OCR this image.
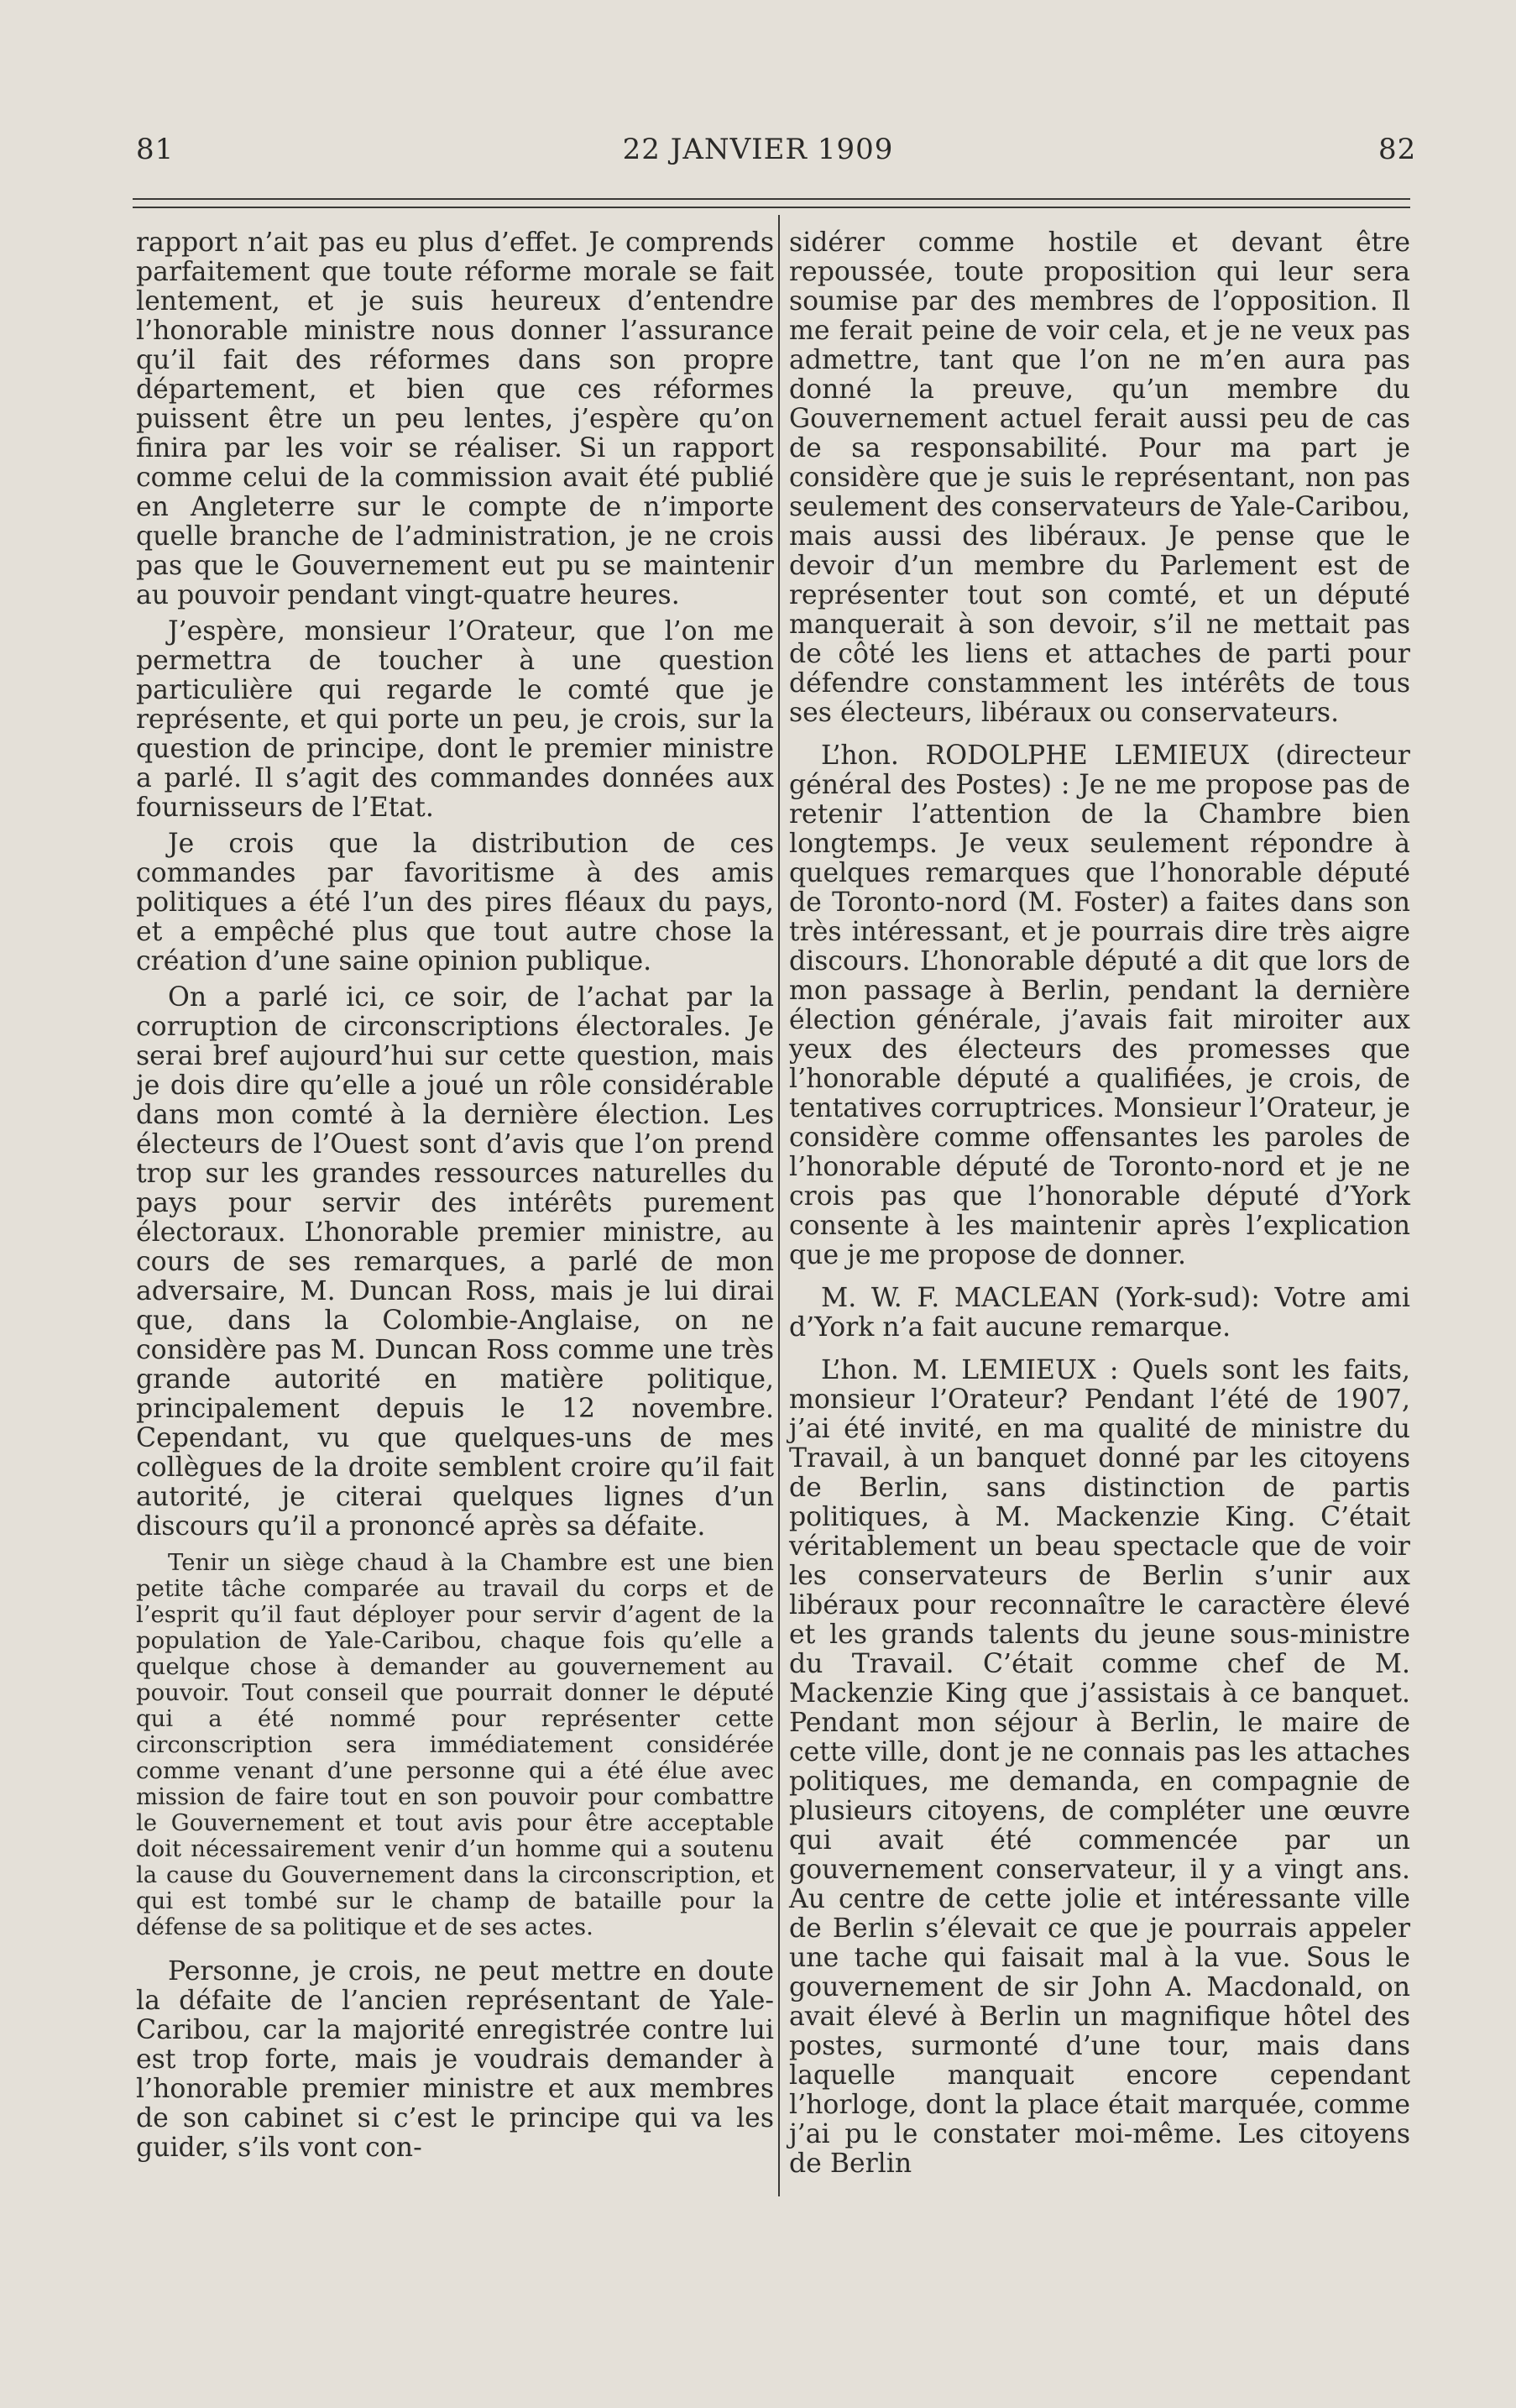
81	22 JANVIER 1909	82

rapport n’ait pas eu plus d’effet. Je comprends parfaitement que toute réforme morale se fait lentement, et je suis heureux d’entendre l’honorable ministre nous donner l’assurance qu’il fait des réformes dans son propre département, et bien que ces réformes puissent être un peu lentes, j’espère qu’on finira par les voir se réaliser. Si un rapport comme celui de la commission avait été publié en Angleterre sur le compte de n’importe quelle branche de l’administration, je ne crois pas que le Gouvernement eut pu se maintenir au pouvoir pendant vingt-quatre heures.

J’espère, monsieur l’Orateur, que l’on me permettra de toucher à une question particulière qui regarde le comté que je représente, et qui porte un peu, je crois, sur la question de principe, dont le premier ministre a parlé. Il s’agit des commandes données aux fournisseurs de l’Etat.

Je crois que la distribution de ces commandes par favoritisme à des amis politiques a été l’un des pires fléaux du pays, et a empêché plus que tout autre chose la création d’une saine opinion publique.

On a parlé ici, ce soir, de l’achat par la corruption de circonscriptions électorales. Je serai bref aujourd’hui sur cette question, mais je dois dire qu’elle a joué un rôle considérable dans mon comté à la dernière élection. Les électeurs de l’Ouest sont d’avis que l’on prend trop sur les grandes ressources naturelles du pays pour servir des intérêts purement électoraux. L’honorable premier ministre, au cours de ses remarques, a parlé de mon adversaire, M. Duncan Ross, mais je lui dirai que, dans la Colombie-Anglaise, on ne considère pas M. Duncan Ross comme une très grande autorité en matière politique, principalement depuis le 12 novembre. Cependant, vu que quelques-uns de mes collègues de la droite semblent croire qu’il fait autorité, je citerai quelques lignes d’un discours qu’il a prononcé après sa défaite.

Tenir un siège chaud à la Chambre est une bien petite tâche comparée au travail du corps et de l’esprit qu’il faut déployer pour servir d’agent de la population de Yale-Caribou, chaque fois qu’elle a quelque chose à demander au gouvernement au pouvoir. Tout conseil que pourrait donner le député qui a été nommé pour représenter cette circonscription sera immédiatement considérée comme venant d’une personne qui a été élue avec mission de faire tout en son pouvoir pour combattre le Gouvernement et tout avis pour être acceptable doit nécessairement venir d’un homme qui a soutenu la cause du Gouvernement dans la circonscription, et qui est tombé sur le champ de bataille pour la défense de sa politique et de ses actes.

Personne, je crois, ne peut mettre en doute la défaite de l’ancien représentant de Yale-Caribou, car la majorité enregistrée contre lui est trop forte, mais je voudrais demander à l’honorable premier ministre et aux membres de son cabinet si c’est le principe qui va les guider, s’ils vont con-

sidérer comme hostile et devant être repoussée, toute proposition qui leur sera soumise par des membres de l’opposition. Il me ferait peine de voir cela, et je ne veux pas admettre, tant que l’on ne m’en aura pas donné la preuve, qu’un membre du Gouvernement actuel ferait aussi peu de cas de sa responsabilité. Pour ma part je considère que je suis le représentant, non pas seulement des conservateurs de Yale-Caribou, mais aussi des libéraux. Je pense que le devoir d’un membre du Parlement est de représenter tout son comté, et un député manquerait à son devoir, s’il ne mettait pas de côté les liens et attaches de parti pour défendre constamment les intérêts de tous ses électeurs, libéraux ou conservateurs.

L’hon. RODOLPHE LEMIEUX (directeur général des Postes) : Je ne me propose pas de retenir l’attention de la Chambre bien longtemps. Je veux seulement répondre à quelques remarques que l’honorable député de Toronto-nord (M. Foster) a faites dans son très intéressant, et je pourrais dire très aigre discours. L’honorable député a dit que lors de mon passage à Berlin, pendant la dernière élection générale, j’avais fait miroiter aux yeux des électeurs des promesses que l’honorable député a qualifiées, je crois, de tentatives corruptrices. Monsieur l’Orateur, je considère comme offensantes les paroles de l’honorable député de Toronto-nord et je ne crois pas que l’honorable député d’York consente à les maintenir après l’explication que je me propose de donner.

M. W. F. MACLEAN (York-sud): Votre ami d’York n’a fait aucune remarque.

L’hon. M. LEMIEUX : Quels sont les faits, monsieur l’Orateur? Pendant l’été de 1907, j’ai été invité, en ma qualité de ministre du Travail, à un banquet donné par les citoyens de Berlin, sans distinction de partis politiques, à M. Mackenzie King. C’était véritablement un beau spectacle que de voir les conservateurs de Berlin s’unir aux libéraux pour reconnaître le caractère élevé et les grands talents du jeune sous-ministre du Travail. C’était comme chef de M. Mackenzie King que j’assistais à ce banquet. Pendant mon séjour à Berlin, le maire de cette ville, dont je ne connais pas les attaches politiques, me demanda, en compagnie de plusieurs citoyens, de compléter une œuvre qui avait été commencée par un gouvernement conservateur, il y a vingt ans. Au centre de cette jolie et intéressante ville de Berlin s’élevait ce que je pourrais appeler une tache qui faisait mal à la vue. Sous le gouvernement de sir John A. Macdonald, on avait élevé à Berlin un magnifique hôtel des postes, surmonté d’une tour, mais dans laquelle manquait encore cependant l’horloge, dont la place était marquée, comme j’ai pu le constater moi-même. Les citoyens de Berlin
